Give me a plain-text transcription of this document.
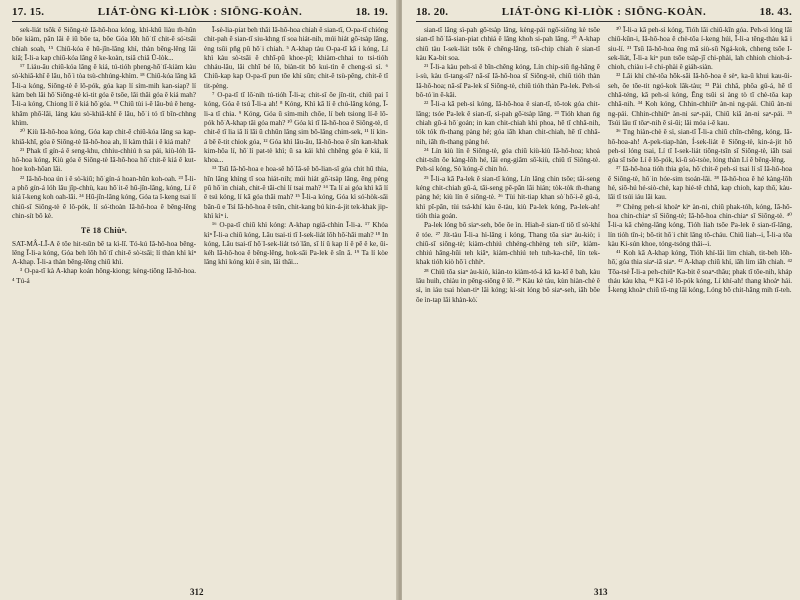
17. 15.	LIÁT-ÒNG KÌ-LIÒK : SIŌNG-KOÀN.	18. 19.

sek-liát tsŏk ê Siōng-tè Iâ-hô-hoa kóng, khì-khû liàu m̄-hûn bōe kiàm, pân lâi ê iū bōe ta, bōe Góa lōh hō͘ tī chit-ê só͘-tsāi chiah soah, ¹⁵ Chiū-kóa ê hū-jīn-lâng khì, thàn bêng-lêng lâi kiâ; Ī-li-a kap chiū-kóa lâng ê ke-koàn, tsiâ chiâ Ū-lòk...

¹⁷ Liáu-āu chiū-kóa lâng ê kiá, tú-tióh pheng-hō͘ tî-kiàm kàu sò͘-khiâ-khî ê lâu, hō͘ i tòa tsù-chhúng-khìm. ¹⁸ Chiū-kóa lâng kā Ī-li-a kóng, Siōng-tè ê lô-pók, góa kap lí sím-mih kan-siap? lí kàm beh lâi hō͘ Siōng-tè kì-tit góa ê tsōe, lâi thâi góa ê kiá mah? Ī-li-a kóng, Chiong lí ê kiá hō͘ góa. ¹⁹ Chiū tùi i-ê lâu-bú ê heng-khâm phō͘-lâi, láng kàu sò͘-khiâ-khî ê lâu, hō͘ i tó tī bîn-chhng khìm.

²⁰ Kiù Iâ-hô-hoa kóng, Góa kap chit-ê chiū-kóa lâng sa kap-khiā-khī, góa ê Siōng-tè Iâ-hô-hoa ah, lí kàm thâi i ê kiá mah?

²¹ Phak tī gín-á ê seng-khu, chhiu-chhiú ǹ sa pái, kiù-lóh Iâ-hô-hoa kóng, Kiù góa ê Siōng-tè Iâ-hô-hoa hō͘ chit-ê kiá ê kut-hoe koh-hôan lâi.

²² Iâ-hô-hoa ún i ê sò͘-kiū; hō͘ gín-á hoan-hûn koh-oah. ²³ Ī-li-a phō gín-á lóh lâu jîp-chhù, kau hō͘ it-ê hū-jīn-lâng, kóng, Lí ê kiá ī-keng koh oah-lāi. ²⁴ Hū-jīn-lâng kóng, Góa ta ī-keng tsai lí chiū-sī Siōng-tè ê lô-pók, lí só͘-thoàn Iâ-hô-hoa ê bêng-lêng chin-sít bô kè.

Tē 18 Chiùⁿ.

SAT-MÂ-LĪ-A ê tōe hit-tsūn bē ta kì-lī. Tó-kú Iâ-hô-hoa bêng-lêng Ī-li-a kóng, Góa beh lōh hō͘ tī chit-ê sò͘-tsāi; lí thàn khì kìⁿ A-khap. Ī-li-a thàn bêng-lêng chiū khì.

³ O-pa-tī kà A-khap koán hông-kiong; kèng-tiōng Iâ-hô-hoa. ⁴ Tú-á

Ī-sè-lia-piat beh thâi Iâ-hô-hoa chiah ê sian-tī, O-pa-tī chióng chit-pah ê sian-tī siu-khng tī soa hiát-nih, múi hiát gō͘-tsàp lâng, èng tsûi pñg pū hō͘ i chiah. ⁵ A-khap tàu O-pa-tī kā i kóng, Lí khì kàu sò͘-tsāi ê chhī-pū khoe-pī; khiàm-chhai to tsi-tióh chháu-lâu, lâi chhī bé lô, biàn-tit bō kui-tìn ê cheng-sì sí. ⁶ Chiū-kap kap O-pa-tī pun tōe khì sûn; chit-ê tsù-pêng, chit-ê tī tit-pèng.

⁷ O-pa-tī tī lō͘-nih tú-tióh Ī-li-a; chit-sî ōe jīn-tit, chiū pai ī kóng, Góa ê tsú Ī-li-a ah! ⁸ Kóng, Khì kā lí ê chú-lâng kóng, Ī-li-a tī chia. ⁹ Kóng, Góa ū sím-mih chōe, lí beh tsiong lí-ê lô-pók hō͘ A-khap tâi góa mah? ¹⁰ Góa kì tī Iâ-hô-hoa ê Siōng-tè, tī chit-ê tī lia iâ lí lāi ū chhūn lâng sim bô-lâng chim-sek, ¹¹ lí kin-á bê ē-tit chiok góa, ¹² Góa khì lâu-āu, Iâ-hô-hoa ê sîn kan-khak kim-hôa lí, hō͘ lí pat-tè khì; ū sa kái khì chhêng góa ê kiá, lí khoa...

¹³ Tsū Iâ-hô-hoa e hoa-sê hō͘ Iâ-sê bô-lian-sî góa chit hū thia, hīn lâng khìng tī soa hiát-nih; múi hiát gō͘-tsàp lâng, ēng pèng pū hō͘ in chiah, chit-ê tāi-chì lí tsai mah? ¹⁴ Ta lí ai góa khì kā lí ê tsú kóng, lí kā góa thâi mah? ¹⁵ Ī-li-a kóng, Góa kì só͘-hòk-sāi bān-ū e Tsì Iâ-hô-hoa ê tsūn, chit-kang bú kin-á-jit tek-khak jip-khì kìⁿ i.

¹⁶ O-pa-tī chiū khì kóng: A-khap ngiâ-chhin Ī-li-a. ¹⁷ Khóa kìⁿ Ī-li-a chiū kóng, Lâu tsai-ti tī I-sek-liát lōh hō͘-hāi mah? ¹⁸ In kóng, Lâu tsai-tī hō͘ I-sek-liát tsó͘ lān, sī lí ū kap lí ê pē ê ke, ūi-kéh Iâ-hô-hoa ê bêng-lêng, hok-sāi Pa-lek ê sîn ā. ¹⁹ Ta lí kòe lâng khì kóng kùi ê sin, lâi thâi...

312
18. 20.	LIÁT-ÒNG KÌ-LIÒK : SIŌNG-KOÀN.	18. 43.

sian-tī lâng sì-pah gō͘-tsàp lâng, kèng-pái ngō͘-siōng kè tsôe sian-tī hō͘ Iâ-sian-piat chhiá ê lâng khoh si-pah lâng. ²⁰ A-khap chiū tàu I-sek-liát tsŏk ê chêng-lâng, tsū-chip chiah ê sian-tī kàu Ka-bit soa.

²¹ Ī-li-a kàu peh-sì ê bīn-chêng kóng, Lín chip-siū n̄g-hāng ê i-sù, kàu tī-tang-sî? nā-sī Iâ-hô-hoa sī Siōng-tè, chiū tióh thàn Iâ-hô-hoa; nā-sī Pa-lek sī Siōng-tè, chiū tióh thàn Pa-lek. Peh-sì bô-tó͘ in ē-kâi.

²² Ī-li-a kā peh-sì kóng, Iâ-hô-hoa ê sian-tī, tō-tok góa chit-lâng; tsóe Pa-lek ê sian-tī, sì-pah gō͘-tsàp lâng. ²³ Tióh khan n̄g chiah gû-á hō͘ goán; in kan chit-chiah khì phoa, hē tī chhâ-nih, tók tók m̄-thang pàng hé; góa iāh khan chit-chiah, hē tī chhâ-nih, iāh m̄-thang pàng hé.

²⁴ Lín kiù lín ê Siōng-tè, góa chiū kiù-kiù Iâ-hô-hoa; khoà chit-tsîn ōe kàng-lōh hé, lāi eng-giâm sō͘-kiù, chiū tī Siōng-tè. Peh-sì kóng, Sò͘ kóng-ē chin hó.

²⁵ Ī-li-a kā Pa-lek ê sian-tī kóng, Lín lâng chin tsōe; tāi-seng kéng chit-chiah gû-á, tāi-seng pê-pān lâi hián; tòk-tòk m̄-thang pàng hé; kiù lín ê siōng-tè. ²⁶ Tùi hit-tiap khan sò͘ hō͘-i-ê gû-á, khì pī-pān, tùi tsá-khí kàu ē-tàu, kiù Pa-lek kóng, Pa-lek-ah! tióh thia goán.

Pa-lek lóng bô siaⁿ-seh, bôe ōe ìn. Hiah-ê sian-tī tiō tī sò͘-khí ê tóe. ²⁷ Jít-tàu Ī-li-a hì-lāng i kóng, Thang tōa siaⁿ àu-kiò; i chiū-sī siōng-tè; kiàm-chhiú chhéng-chhèng teh siūⁿ, kiàm-chhiú hāng-hūi teh kiâⁿ, kiàm-chhiú teh tuh-ka-chē, lín tek-khak tióh kiò hō͘ i chhíⁿ.

²⁸ Chiū tōa siaⁿ àu-kiò, kiàn-to kiàm-tó-á kā ka-kī ê bah, kàu lâu huih, chiàu in pêng-siōng ê lē. ²⁹ Kàu kè tàu, kùn hiàn-chè ê sì, in iáu tsai hòan-tiⁿ lâi kóng; kì-sit lóng bô siaⁿ-seh, iāh bôe ōe ìn-tap lâi khàn-kò͘.

³⁰ Ī-li-a kā peh-sì kóng, Tióh lâi chiū-kīn góa. Peh-sì lóng lâi chiū-kūn-i, Iâ-hô-hoa ê chè-tôa í-keng húi, Ī-li-a têng-thàu kā i siu-lí. ³¹ Tsū Iâ-hô-hoa ēng mā siù-sū Ngá-kok, chheng tsōe I-sek-liát, Ī-li-a kiⁿ pun tsōe tsàp-jī chi-phài, lah chhioh chioh-á-chioh, chiàu i-ê chi-phài ê giáh-siàn.

³² Lâi khì chè-tôa hōk-sāi Iâ-hô-hoa ê sèⁿ, ka-ū khui kau-ûi-seh, ōe tōe-tit ngó-kok lâk-tàu; ³³ Pài chhâ, phôa gû-á, hē tī chhâ-téng, kā peh-sì kóng, Ēng tsûi sì àng tò tī chè-tôa kap chhâ-nih. ³⁴ Koh kóng, Chhin-chhiūⁿ àn-ni ng-pái. Chiū àn-ni ng-pái. Chhin-chhiūⁿ àn-ni saⁿ-pái, Chiū kiâ àn-ni saⁿ-pái. ³⁵ Tsúi lâu tī tôaⁿ-nih ê sì-ûi; lâi móa i-ê kau.

³⁶ Tng hiàn-chè ê sì, sian-tī Ī-li-a chiū chîn-chêng, kóng, Iâ-hô-hoa-ah! A-pek-tiap-hàn, Í-sek-liát ê Siōng-tè, kin-á-jit hō͘ peh-sì lóng tsai, Lí tī I-sek-liát tiōng-tsîn sī Siōng-tè, iāh tsai góa sī tsôe Lí ê lô-pók, kì-ū sò͘-tsòe, lóng thàn Lí ê bêng-lêng.

³⁷ Iâ-hô-hoa tióh thia góa, hō͘ chit-ê peh-sì tsai lí sī Iâ-hô-hoa ê Siōng-tè, hō͘ in hóe-sim tsoán-lâi. ³⁸ Iâ-hô-hoa ê hé kàng-lōh hé, siō-hú hé-siò-chè, kap hié-tê chhâ, kap chioh, kap thô͘, kàu-lâi tī tsúi iáu lāi kau.

³⁹ Chèng peh-sì khoàⁿ kiⁿ àn-ni, chiū phak-tóh, kóng, Iâ-hô-hoa chin-chiaⁿ sī Siōng-tè; Iâ-hô-hoa chin-chiaⁿ sī Siōng-tè. ⁴⁰ Ī-li-a kā chèng-lâng kóng, Tióh liah tsōe Pa-lek ê sian-tī-lâng, lín tióh tîn-i; bô-tit hō͘ i chit lâng tô-cháu. Chiū liah--i, Ī-li-a tōa kàu Ki-sún khoe, tóng-tsóng thâi--i.

⁴¹ Koh kā A-khap kóng, Tióh khí-lâi lim chiah, tit-beh lōh-hō͘, góa thia siaⁿ-iā siaⁿ. ⁴² A-khap chiū khí, iāh lim iāh chiah. ⁴² Tōa-tsè Ī-li-a peh-chiūⁿ Ka-bit ê soaⁿ-thâu; phak tī tōe-nih, kháp tháu kàu kha, ⁴³ Kā i-ê lô-pók kóng, Lí khí-ah! thang khoàⁿ hái. Í-keng khoàⁿ chiū tō-tng lâi kóng, Lóng bô chit-hāng mih tī-teh.

313
